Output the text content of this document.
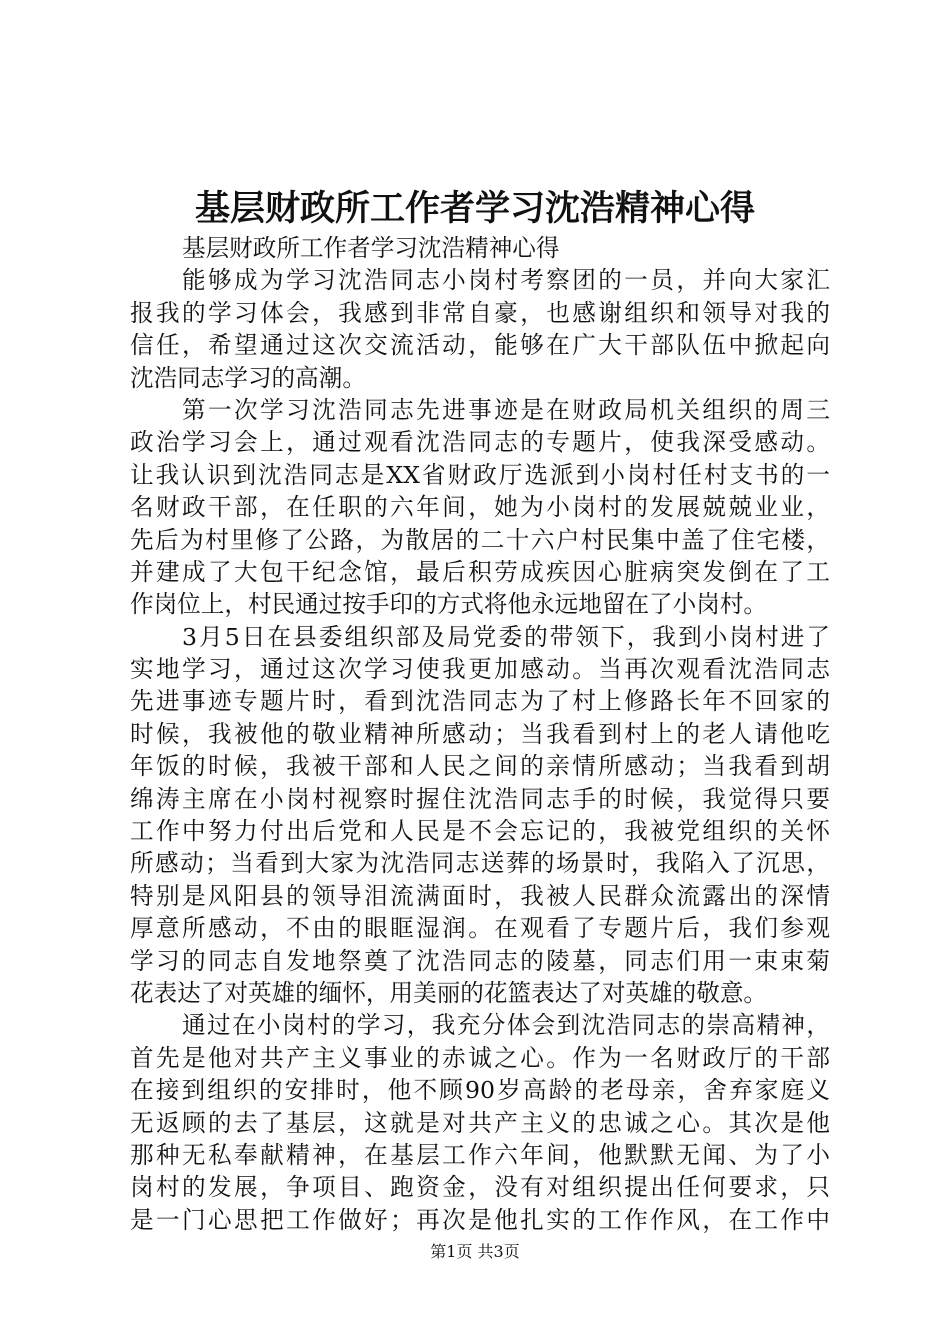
基层财政所工作者学习沈浩精神心得
基层财政所工作者学习沈浩精神心得
能够成为学习沈浩同志小岗村考察团的一员，并向大家汇
报我的学习体会，我感到非常自豪，也感谢组织和领导对我的
信任，希望通过这次交流活动，能够在广大干部队伍中掀起向
沈浩同志学习的高潮。
第一次学习沈浩同志先进事迹是在财政局机关组织的周三
政治学习会上，通过观看沈浩同志的专题片，使我深受感动。
让我认识到沈浩同志是XX省财政厅选派到小岗村任村支书的一
名财政干部，在任职的六年间，她为小岗村的发展兢兢业业，
先后为村里修了公路，为散居的二十六户村民集中盖了住宅楼，
并建成了大包干纪念馆，最后积劳成疾因心脏病突发倒在了工
作岗位上，村民通过按手印的方式将他永远地留在了小岗村。
3月5日在县委组织部及局党委的带领下，我到小岗村进了
实地学习，通过这次学习使我更加感动。当再次观看沈浩同志
先进事迹专题片时，看到沈浩同志为了村上修路长年不回家的
时候，我被他的敬业精神所感动；当我看到村上的老人请他吃
年饭的时候，我被干部和人民之间的亲情所感动；当我看到胡
绵涛主席在小岗村视察时握住沈浩同志手的时候，我觉得只要
工作中努力付出后党和人民是不会忘记的，我被党组织的关怀
所感动；当看到大家为沈浩同志送葬的场景时，我陷入了沉思，
特别是风阳县的领导泪流满面时，我被人民群众流露出的深情
厚意所感动，不由的眼眶湿润。在观看了专题片后，我们参观
学习的同志自发地祭奠了沈浩同志的陵墓，同志们用一束束菊
花表达了对英雄的缅怀，用美丽的花篮表达了对英雄的敬意。
通过在小岗村的学习，我充分体会到沈浩同志的崇高精神，
首先是他对共产主义事业的赤诚之心。作为一名财政厅的干部
在接到组织的安排时，他不顾90岁高龄的老母亲，舍弃家庭义
无返顾的去了基层，这就是对共产主义的忠诚之心。其次是他
那种无私奉献精神，在基层工作六年间，他默默无闻、为了小
岗村的发展，争项目、跑资金，没有对组织提出任何要求，只
是一门心思把工作做好；再次是他扎实的工作作风，在工作中
第1页 共3页
